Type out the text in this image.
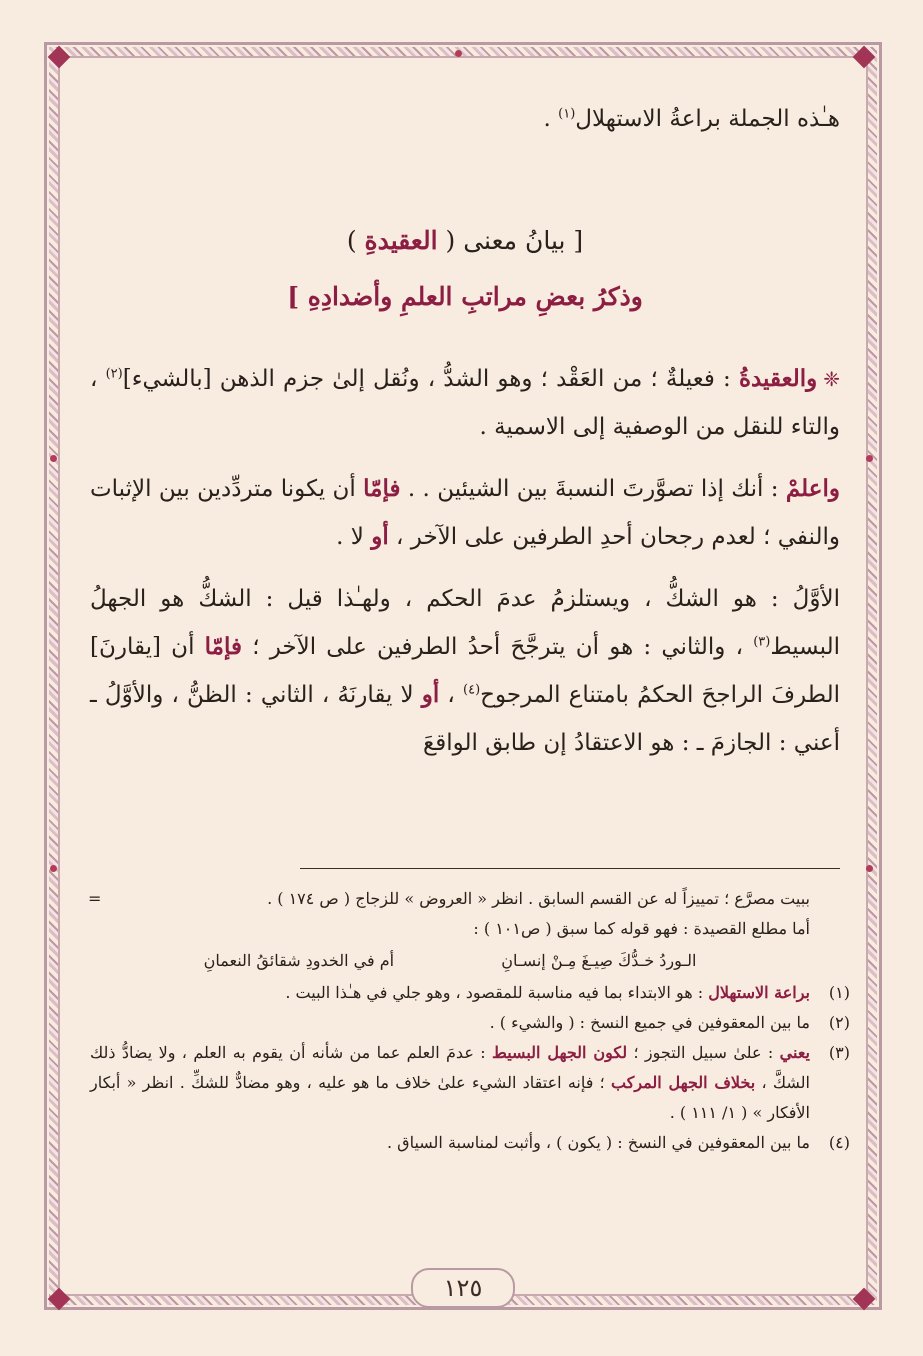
هـٰذه الجملة براعةُ الاستهلال$^{(١)}$ .

[ بيانُ معنى ( العقيدةِ )

وذكرُ بعضِ مراتبِ العلمِ وأضدادِهِ ]

❈والعقيدةُ : فعيلةٌ ؛ من العَقْد ؛ وهو الشدُّ ، ونُقل إلىٰ جزم الذهن [بالشيء]$^{(٢)}$ ، والتاء للنقل من الوصفية إلى الاسمية .

واعلمْ : أنك إذا تصوَّرتَ النسبةَ بين الشيئين . . فإمّا أن يكونا متردِّدين بين الإثبات والنفي ؛ لعدم رجحان أحدِ الطرفين على الآخر ، أو لا .

الأوَّلُ : هو الشكُّ ، ويستلزمُ عدمَ الحكم ، ولهـٰذا قيل : الشكُّ هو الجهلُ البسيط$^{(٣)}$ ، والثاني : هو أن يترجَّحَ أحدُ الطرفين على الآخر ؛ فإمّا أن [يقارنَ] الطرفَ الراجحَ الحكمُ بامتناع المرجوح$^{(٤)}$ ، أو لا يقارنَهُ ، الثاني : الظنُّ ، والأوَّلُ ـ أعني : الجازمَ ـ : هو الاعتقادُ إن طابق الواقعَ

=	ببيت مصرَّع ؛ تمييزاً له عن القسم السابق . انظر « العروض » للزجاج ( ص ١٧٤ ) .
أما مطلع القصيدة : فهو قوله كما سبق ( ص١٠١ ) :
الـوردُ خـدُّكَ صِيـغَ مِـنْ إنسـانِ
أم في الخدودِ شقائقُ النعمانِ
(١)
براعة الاستهلال : هو الابتداء بما فيه مناسبة للمقصود ، وهو جلي في هـٰذا البيت .
(٢)
ما بين المعقوفين في جميع النسخ : ( والشيء ) .
(٣)
يعني : علىٰ سبيل التجوز ؛ لكون الجهل البسيط : عدمَ العلم عما من شأنه أن يقوم به العلم ، ولا يضادُّ ذلك الشكَّ ، بخلاف الجهل المركب ؛ فإنه اعتقاد الشيء علىٰ خلاف ما هو عليه ، وهو مضادٌّ للشكِّ . انظر « أبكار الأفكار » ( ١/ ١١١ ) .
(٤)
ما بين المعقوفين في النسخ : ( يكون ) ، وأثبت لمناسبة السياق .
١٢٥
